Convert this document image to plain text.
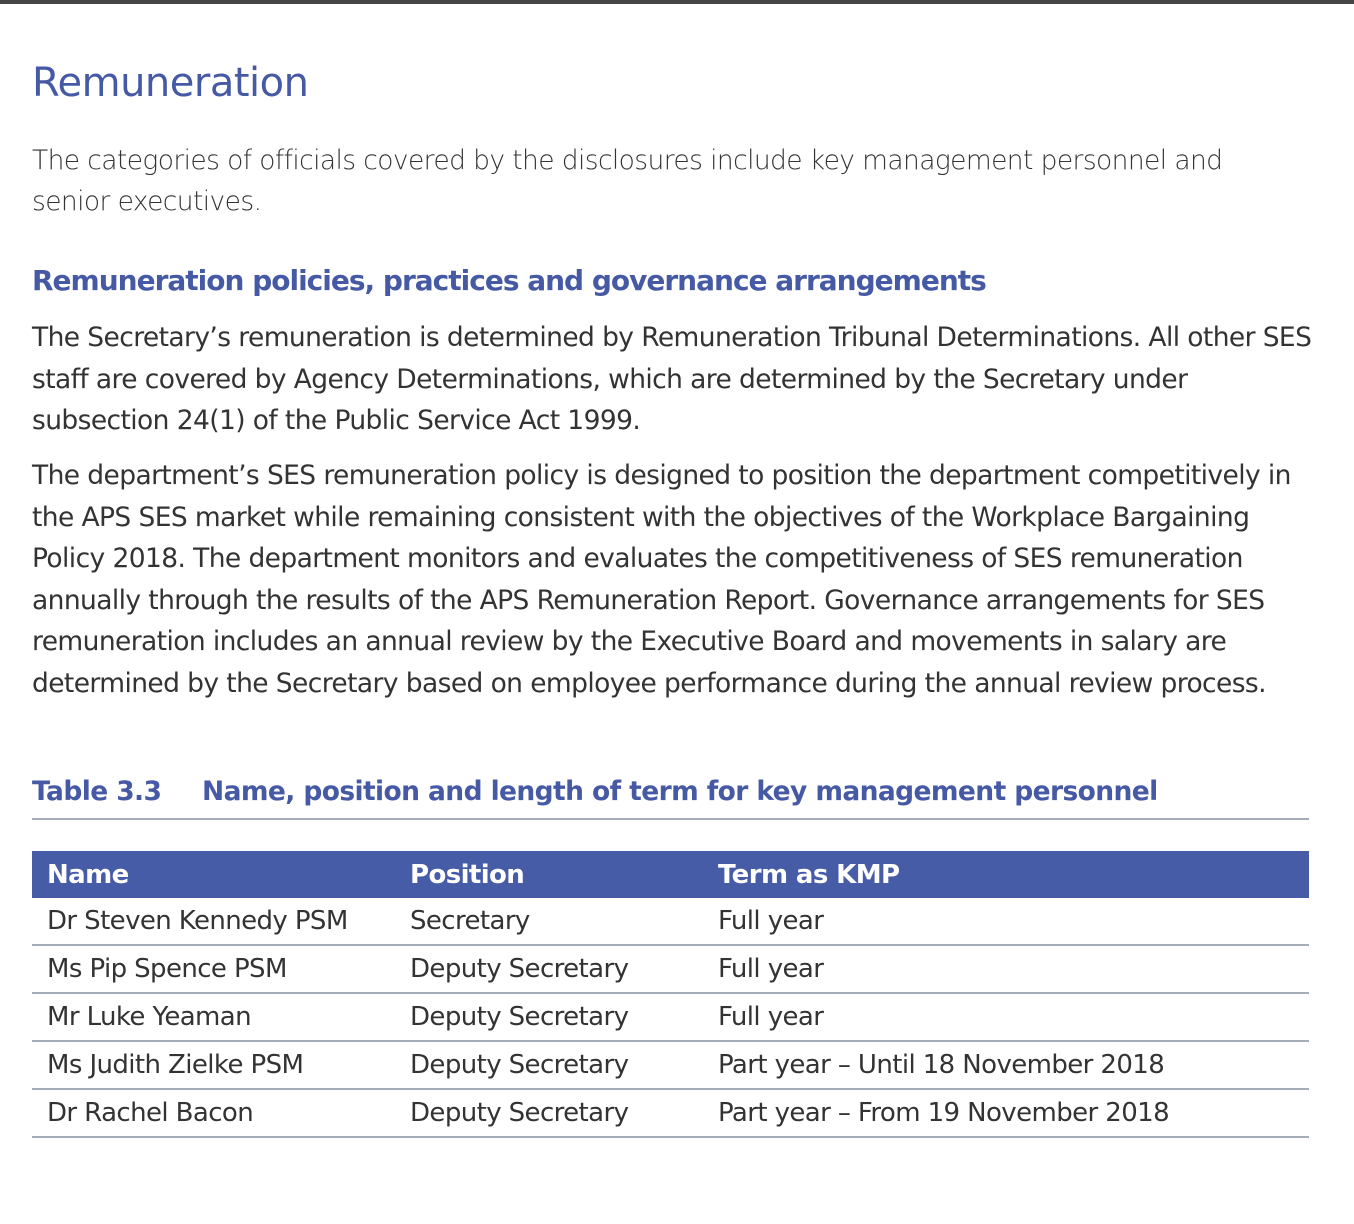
Remuneration

The categories of officials covered by the disclosures include key management personnel and senior executives.

Remuneration policies, practices and governance arrangements

The Secretary’s remuneration is determined by Remuneration Tribunal Determinations. All other SES staff are covered by Agency Determinations, which are determined by the Secretary under subsection 24(1) of the Public Service Act 1999.

The department’s SES remuneration policy is designed to position the department competitively in the APS SES market while remaining consistent with the objectives of the Workplace Bargaining Policy 2018. The department monitors and evaluates the competitiveness of SES remuneration annually through the results of the APS Remuneration Report. Governance arrangements for SES remuneration includes an annual review by the Executive Board and movements in salary are determined by the Secretary based on employee performance during the annual review process.

Table 3.3 Name, position and length of term for key management personnel
Name	Position	Term as KMP
Dr Steven Kennedy PSM	Secretary	Full year
Ms Pip Spence PSM	Deputy Secretary	Full year
Mr Luke Yeaman	Deputy Secretary	Full year
Ms Judith Zielke PSM	Deputy Secretary	Part year – Until 18 November 2018
Dr Rachel Bacon	Deputy Secretary	Part year – From 19 November 2018
